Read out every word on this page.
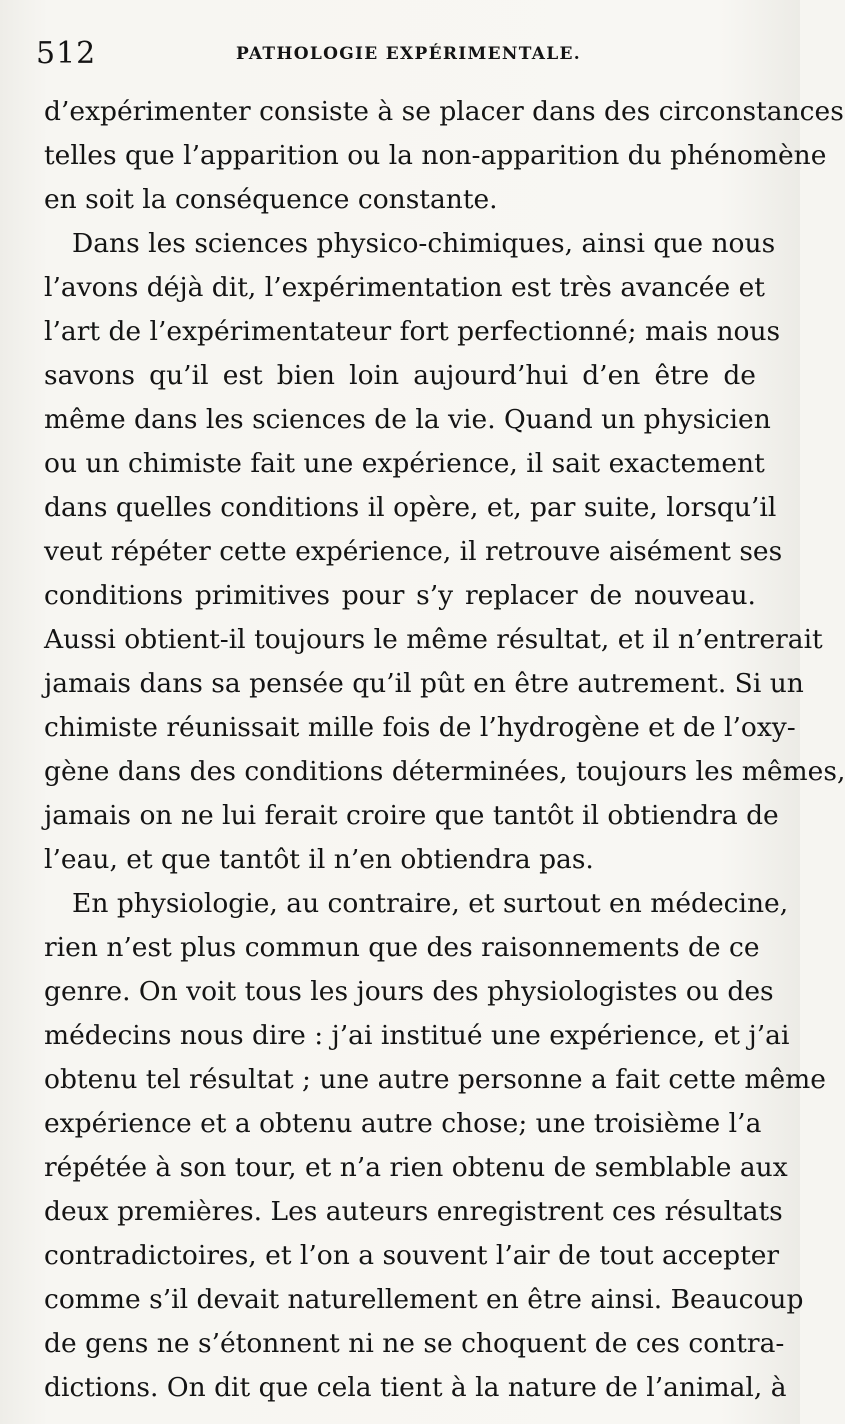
512	PATHOLOGIE EXPÉRIMENTALE.
d’expérimenter consiste à se placer dans des circonstances
telles que l’apparition ou la non-apparition du phénomène
en soit la conséquence constante.
Dans les sciences physico-chimiques, ainsi que nous
l’avons déjà dit, l’expérimentation est très avancée et
l’art de l’expérimentateur fort perfectionné; mais nous
savons qu’il est bien loin aujourd’hui d’en être de
même dans les sciences de la vie. Quand un physicien
ou un chimiste fait une expérience, il sait exactement
dans quelles conditions il opère, et, par suite, lorsqu’il
veut répéter cette expérience, il retrouve aisément ses
conditions primitives pour s’y replacer de nouveau.
Aussi obtient-il toujours le même résultat, et il n’entrerait
jamais dans sa pensée qu’il pût en être autrement. Si un
chimiste réunissait mille fois de l’hydrogène et de l’oxy-
gène dans des conditions déterminées, toujours les mêmes,
jamais on ne lui ferait croire que tantôt il obtiendra de
l’eau, et que tantôt il n’en obtiendra pas.
En physiologie, au contraire, et surtout en médecine,
rien n’est plus commun que des raisonnements de ce
genre. On voit tous les jours des physiologistes ou des
médecins nous dire : j’ai institué une expérience, et j’ai
obtenu tel résultat ; une autre personne a fait cette même
expérience et a obtenu autre chose; une troisième l’a
répétée à son tour, et n’a rien obtenu de semblable aux
deux premières. Les auteurs enregistrent ces résultats
contradictoires, et l’on a souvent l’air de tout accepter
comme s’il devait naturellement en être ainsi. Beaucoup
de gens ne s’étonnent ni ne se choquent de ces contra-
dictions. On dit que cela tient à la nature de l’animal, à
